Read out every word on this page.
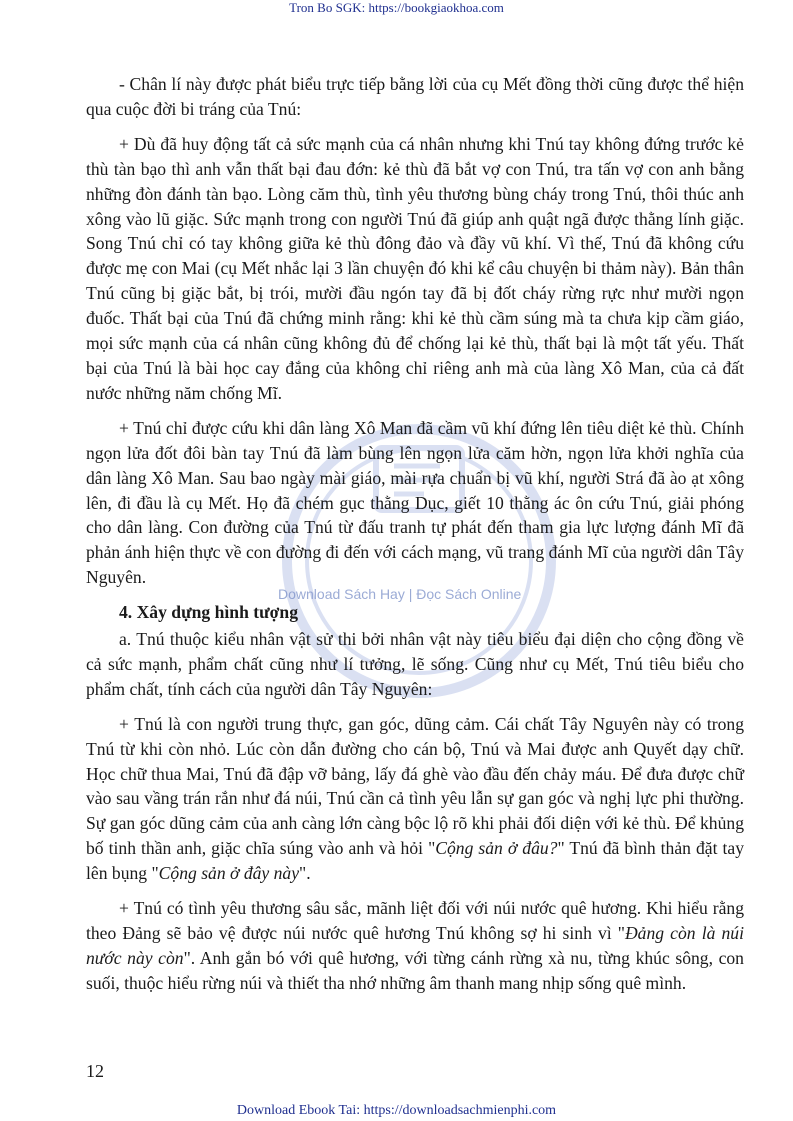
Tron Bo SGK: https://bookgiaokhoa.com
Download Sách Hay | Đọc Sách Online

- Chân lí này được phát biểu trực tiếp bằng lời của cụ Mết đồng thời cũng được thể hiện qua cuộc đời bi tráng của Tnú:

+ Dù đã huy động tất cả sức mạnh của cá nhân nhưng khi Tnú tay không đứng trước kẻ thù tàn bạo thì anh vẫn thất bại đau đớn: kẻ thù đã bắt vợ con Tnú, tra tấn vợ con anh bằng những đòn đánh tàn bạo. Lòng căm thù, tình yêu thương bùng cháy trong Tnú, thôi thúc anh xông vào lũ giặc. Sức mạnh trong con người Tnú đã giúp anh quật ngã được thằng lính giặc. Song Tnú chỉ có tay không giữa kẻ thù đông đảo và đầy vũ khí. Vì thế, Tnú đã không cứu được mẹ con Mai (cụ Mết nhắc lại 3 lần chuyện đó khi kể câu chuyện bi thảm này). Bản thân Tnú cũng bị giặc bắt, bị trói, mười đầu ngón tay đã bị đốt cháy rừng rực như mười ngọn đuốc. Thất bại của Tnú đã chứng minh rằng: khi kẻ thù cầm súng mà ta chưa kịp cầm giáo, mọi sức mạnh của cá nhân cũng không đủ để chống lại kẻ thù, thất bại là một tất yếu. Thất bại của Tnú là bài học cay đắng của không chỉ riêng anh mà của làng Xô Man, của cả đất nước những năm chống Mĩ.

+ Tnú chỉ được cứu khi dân làng Xô Man đã cầm vũ khí đứng lên tiêu diệt kẻ thù. Chính ngọn lửa đốt đôi bàn tay Tnú đã làm bùng lên ngọn lửa căm hờn, ngọn lửa khởi nghĩa của dân làng Xô Man. Sau bao ngày mài giáo, mài rựa chuẩn bị vũ khí, người Strá đã ào ạt xông lên, đi đầu là cụ Mết. Họ đã chém gục thằng Dục, giết 10 thằng ác ôn cứu Tnú, giải phóng cho dân làng. Con đường của Tnú từ đấu tranh tự phát đến tham gia lực lượng đánh Mĩ đã phản ánh hiện thực về con đường đi đến với cách mạng, vũ trang đánh Mĩ của người dân Tây Nguyên.

4. Xây dựng hình tượng

a. Tnú thuộc kiểu nhân vật sử thi bởi nhân vật này tiêu biểu đại diện cho cộng đồng về cả sức mạnh, phẩm chất cũng như lí tưởng, lẽ sống. Cũng như cụ Mết, Tnú tiêu biểu cho phẩm chất, tính cách của người dân Tây Nguyên:

+ Tnú là con người trung thực, gan góc, dũng cảm. Cái chất Tây Nguyên này có trong Tnú từ khi còn nhỏ. Lúc còn dẫn đường cho cán bộ, Tnú và Mai được anh Quyết dạy chữ. Học chữ thua Mai, Tnú đã đập vỡ bảng, lấy đá ghè vào đầu đến chảy máu. Để đưa được chữ vào sau vầng trán rắn như đá núi, Tnú cần cả tình yêu lẫn sự gan góc và nghị lực phi thường. Sự gan góc dũng cảm của anh càng lớn càng bộc lộ rõ khi phải đối diện với kẻ thù. Để khủng bố tinh thần anh, giặc chĩa súng vào anh và hỏi "Cộng sản ở đâu?" Tnú đã bình thản đặt tay lên bụng "Cộng sản ở đây này".

+ Tnú có tình yêu thương sâu sắc, mãnh liệt đối với núi nước quê hương. Khi hiểu rằng theo Đảng sẽ bảo vệ được núi nước quê hương Tnú không sợ hi sinh vì "Đảng còn là núi nước này còn". Anh gắn bó với quê hương, với từng cánh rừng xà nu, từng khúc sông, con suối, thuộc hiểu rừng núi và thiết tha nhớ những âm thanh mang nhịp sống quê mình.

12
Download Ebook Tai: https://downloadsachmienphi.com
